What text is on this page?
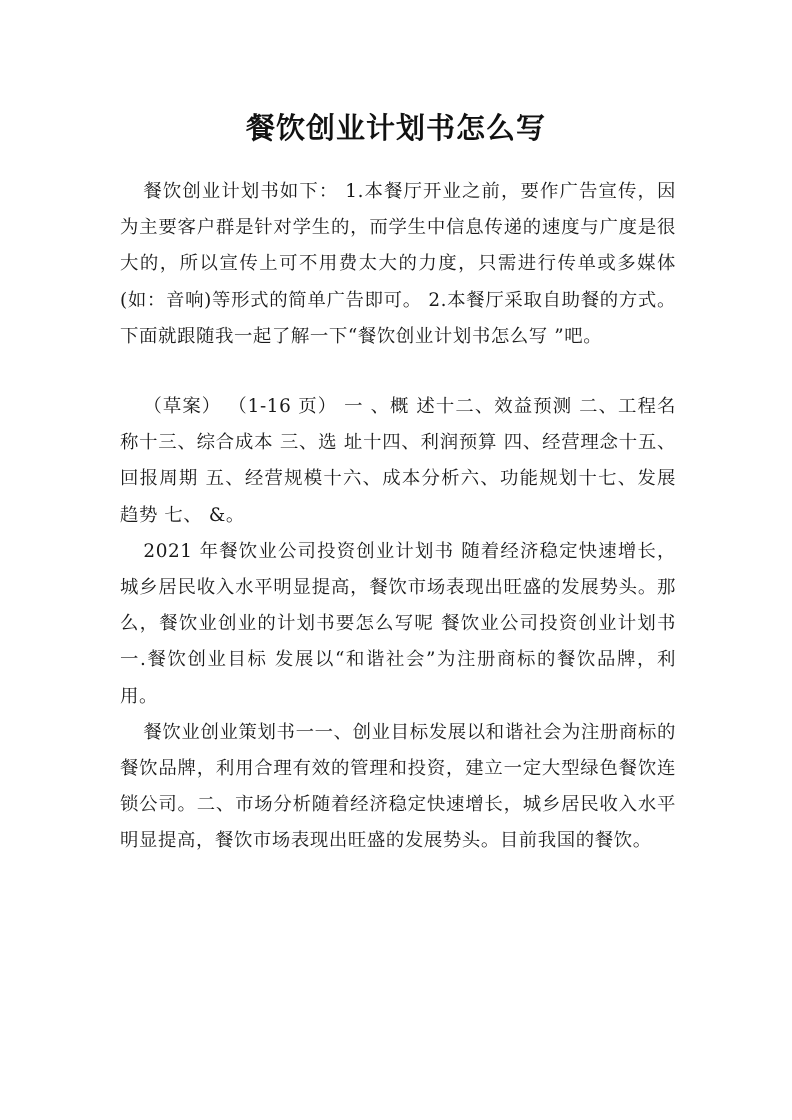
餐饮创业计划书怎么写

餐饮创业计划书如下： 1.本餐厅开业之前，要作广告宣传，因为主要客户群是针对学生的，而学生中信息传递的速度与广度是很大的，所以宣传上可不用费太大的力度，只需进行传单或多媒体(如：音响)等形式的简单广告即可。 2.本餐厅采取自助餐的方式。下面就跟随我一起了解一下“餐饮创业计划书怎么写 ”吧。

（草案） （1-16 页） 一 、概 述十二、效益预测 二、工程名称十三、综合成本 三、选 址十四、利润预算 四、经营理念十五、回报周期 五、经营规模十六、成本分析六、功能规划十七、发展趋势 七、 &。

2021 年餐饮业公司投资创业计划书 随着经济稳定快速增长，城乡居民收入水平明显提高，餐饮市场表现出旺盛的发展势头。那么，餐饮业创业的计划书要怎么写呢 餐饮业公司投资创业计划书一.餐饮创业目标 发展以“和谐社会”为注册商标的餐饮品牌，利用。

餐饮业创业策划书一一、创业目标发展以和谐社会为注册商标的餐饮品牌，利用合理有效的管理和投资，建立一定大型绿色餐饮连锁公司。二、市场分析随着经济稳定快速增长，城乡居民收入水平明显提高，餐饮市场表现出旺盛的发展势头。目前我国的餐饮。
